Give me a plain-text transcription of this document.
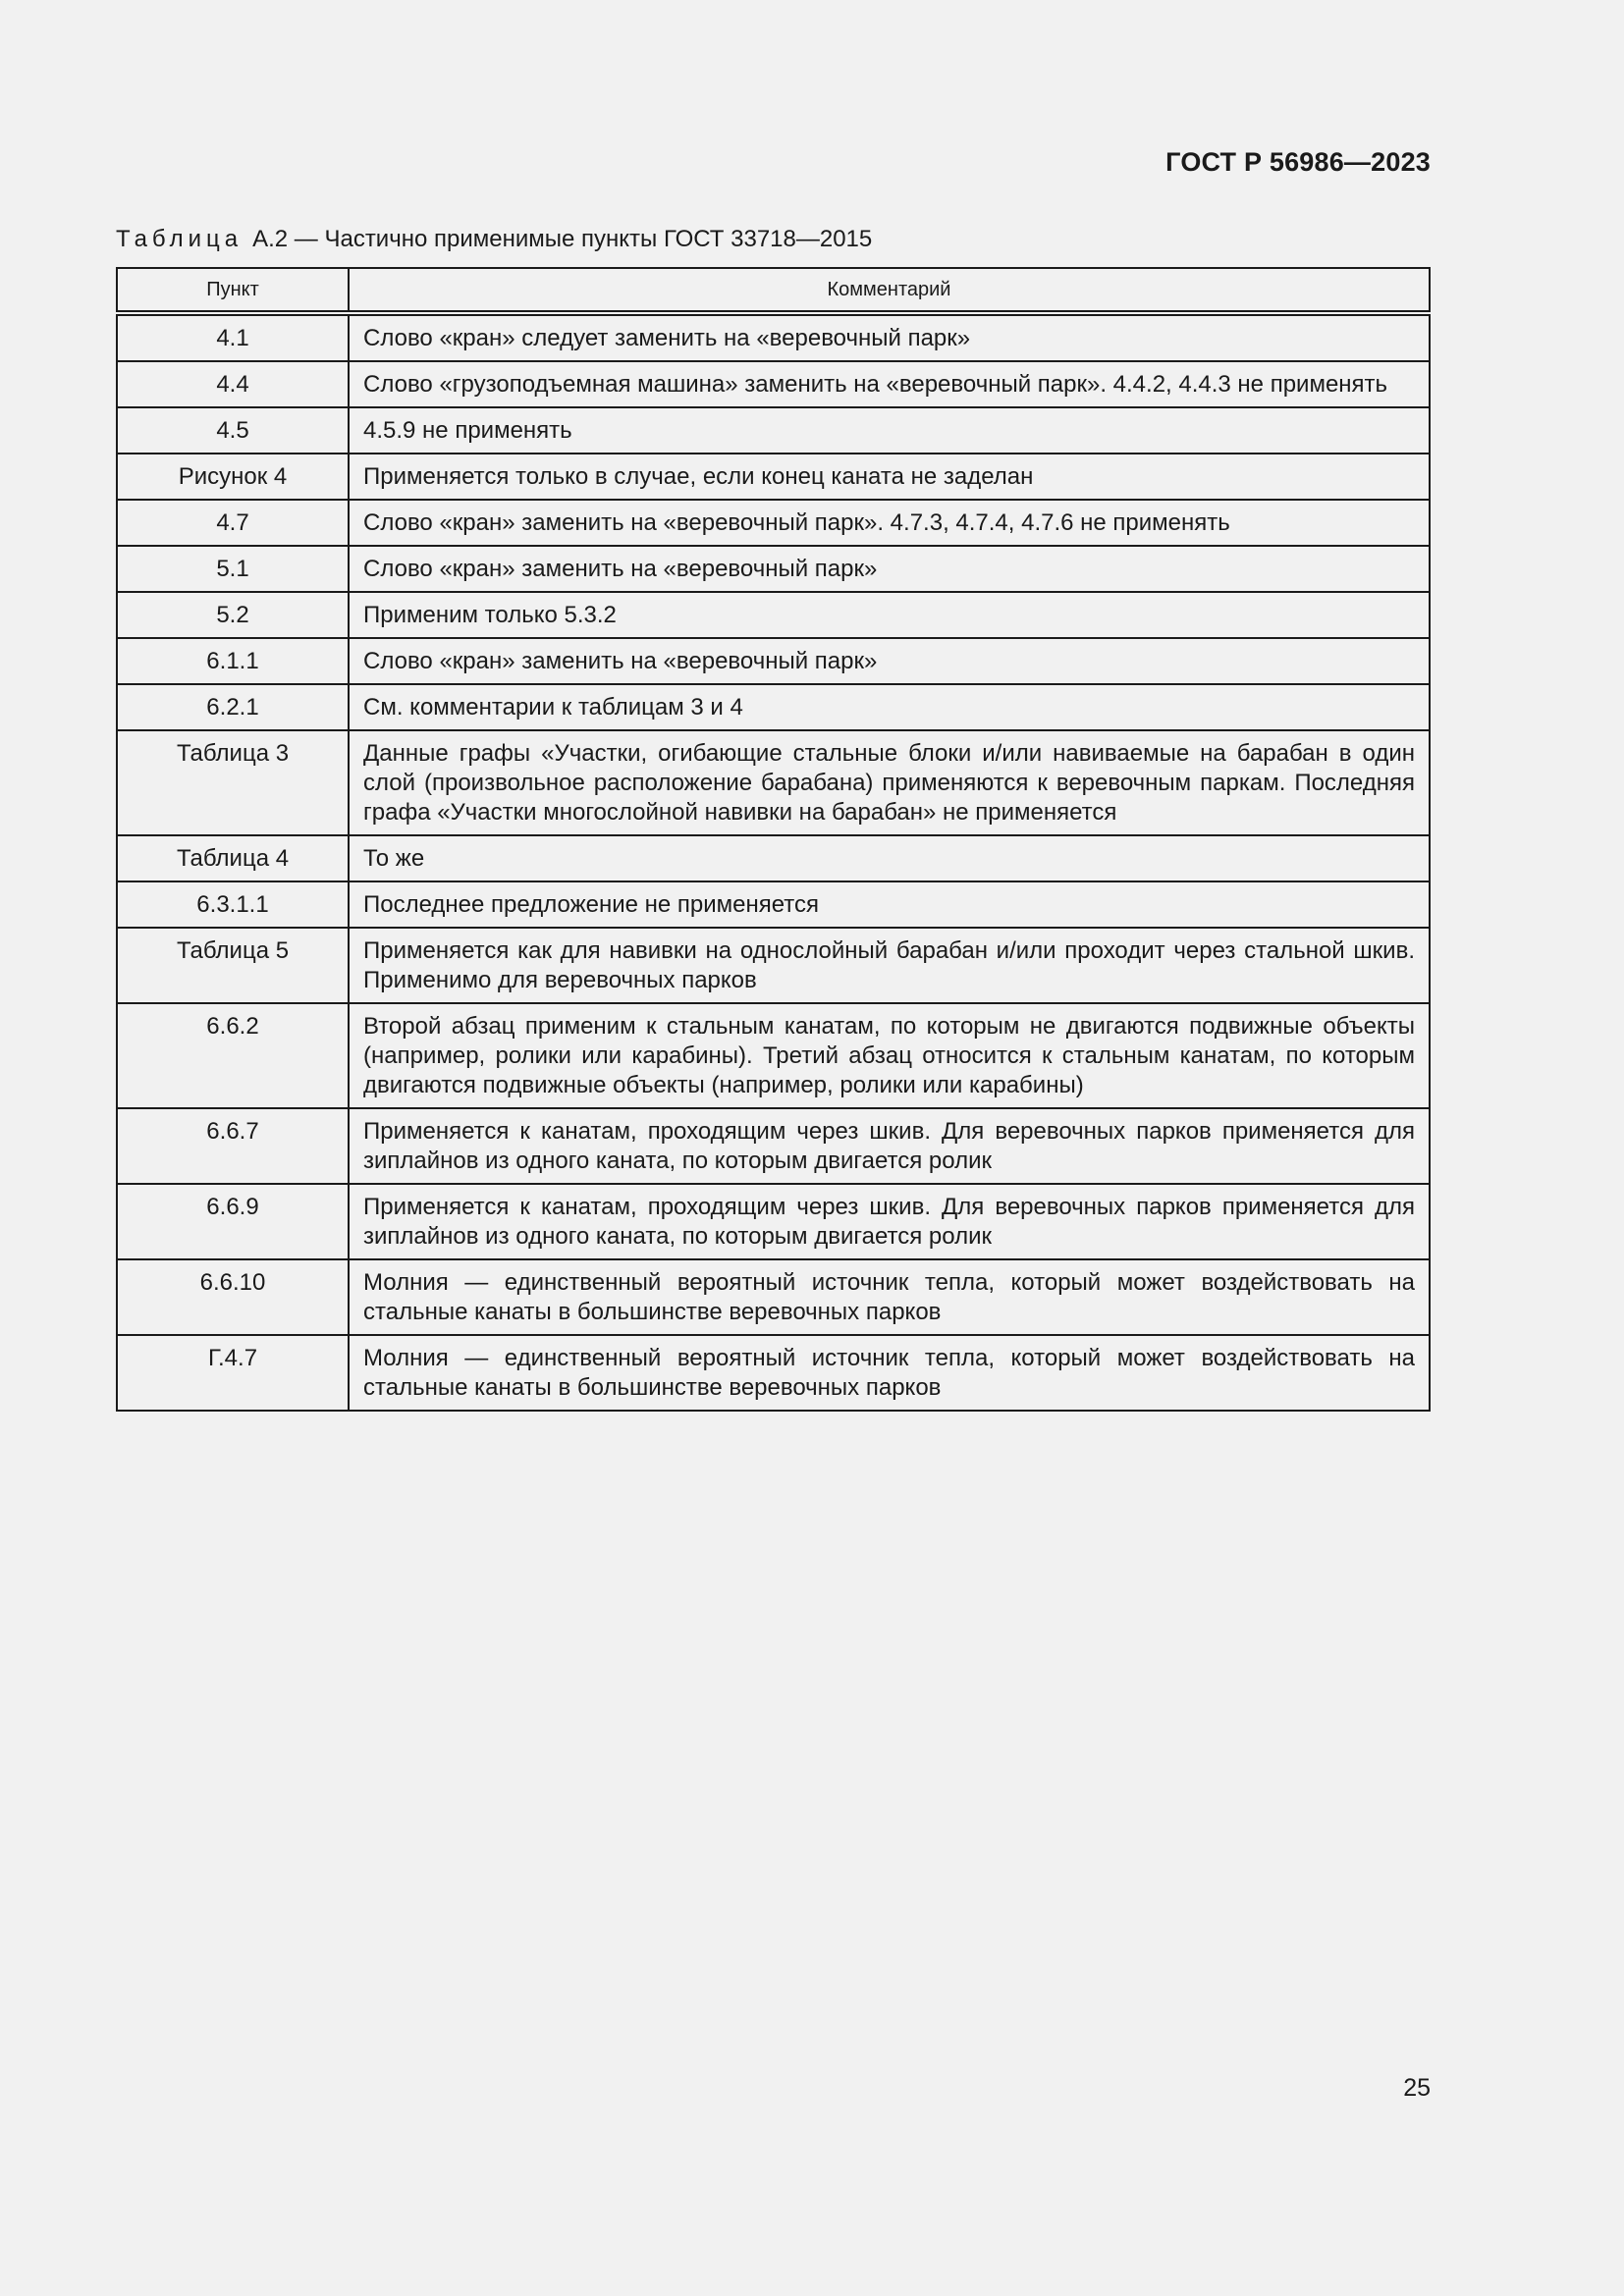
ГОСТ Р 56986—2023
Таблица А.2 — Частично применимые пункты ГОСТ 33718—2015
Пункт	Комментарий
4.1	Слово «кран» следует заменить на «веревочный парк»
4.4	Слово «грузоподъемная машина» заменить на «веревочный парк». 4.4.2, 4.4.3 не применять
4.5	4.5.9 не применять
Рисунок 4	Применяется только в случае, если конец каната не заделан
4.7	Слово «кран» заменить на «веревочный парк». 4.7.3, 4.7.4, 4.7.6 не применять
5.1	Слово «кран» заменить на «веревочный парк»
5.2	Применим только 5.3.2
6.1.1	Слово «кран» заменить на «веревочный парк»
6.2.1	См. комментарии к таблицам 3 и 4
Таблица 3	Данные графы «Участки, огибающие стальные блоки и/или навиваемые на барабан в один слой (произвольное расположение барабана) применяются к веревочным паркам. Последняя графа «Участки многослойной навивки на барабан» не применяется
Таблица 4	То же
6.3.1.1	Последнее предложение не применяется
Таблица 5	Применяется как для навивки на однослойный барабан и/или проходит через стальной шкив. Применимо для веревочных парков
6.6.2	Второй абзац применим к стальным канатам, по которым не двигаются подвижные объекты (например, ролики или карабины). Третий абзац относится к стальным канатам, по которым двигаются подвижные объекты (например, ролики или карабины)
6.6.7	Применяется к канатам, проходящим через шкив. Для веревочных парков применяется для зиплайнов из одного каната, по которым двигается ролик
6.6.9	Применяется к канатам, проходящим через шкив. Для веревочных парков применяется для зиплайнов из одного каната, по которым двигается ролик
6.6.10	Молния — единственный вероятный источник тепла, который может воздействовать на стальные канаты в большинстве веревочных парков
Г.4.7	Молния — единственный вероятный источник тепла, который может воздействовать на стальные канаты в большинстве веревочных парков
25
